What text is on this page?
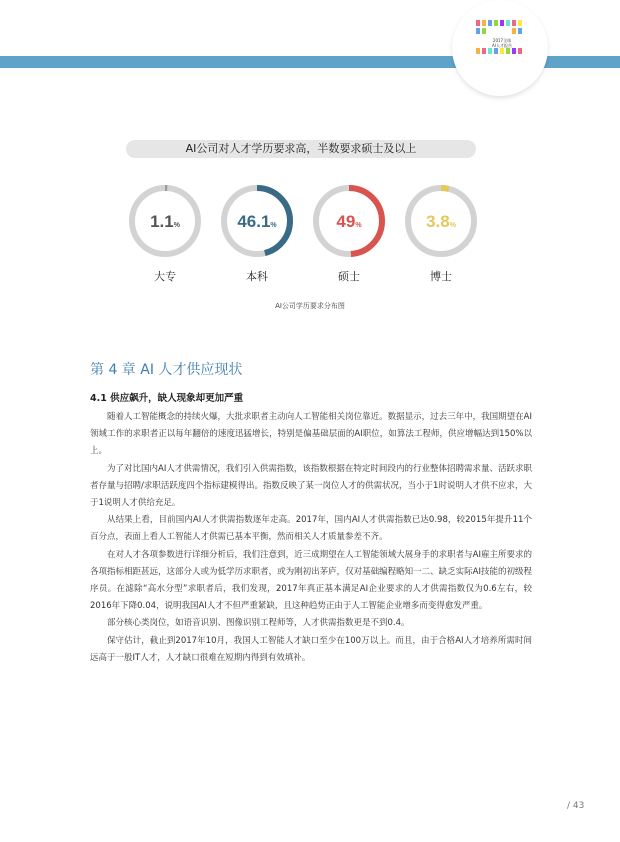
2017全球
AI人才报告
AI公司对人才学历要求高，半数要求硕士及以上
1.1%	46.1%	49%	3.8%
大专	本科	硕士	博士
AI公司学历要求分布图
第 4 章 AI 人才供应现状
4.1 供应飙升，缺人现象却更加严重

随着人工智能概念的持续火爆，大批求职者主动向人工智能相关岗位靠近。数据显示，过去三年中，我国期望在AI领域工作的求职者正以每年翻倍的速度迅猛增长，特别是偏基础层面的AI职位，如算法工程师，供应增幅达到150%以上。

为了对比国内AI人才供需情况，我们引入供需指数，该指数根据在特定时间段内的行业整体招聘需求量、活跃求职者存量与招聘/求职活跃度四个指标建模得出。指数反映了某一岗位人才的供需状况，当小于1时说明人才供不应求，大于1说明人才供给充足。

从结果上看，目前国内AI人才供需指数逐年走高。2017年，国内AI人才供需指数已达0.98，较2015年提升11个百分点，表面上看人工智能人才供需已基本平衡，然而相关人才质量参差不齐。

在对人才各项参数进行详细分析后，我们注意到，近三成期望在人工智能领域大展身手的求职者与AI雇主所要求的各项指标相距甚远，这部分人或为低学历求职者，或为刚初出茅庐，仅对基础编程略知一二、缺乏实际AI技能的初级程序员。在滤除“高水分型”求职者后，我们发现，2017年真正基本满足AI企业要求的人才供需指数仅为0.6左右，较2016年下降0.04，说明我国AI人才不但严重紧缺，且这种趋势正由于人工智能企业增多而变得愈发严重。

部分核心类岗位，如语音识别、图像识别工程师等，人才供需指数更是不到0.4。

保守估计，截止到2017年10月，我国人工智能人才缺口至少在100万以上。而且，由于合格AI人才培养所需时间远高于一般IT人才，人才缺口很难在短期内得到有效填补。

/ 43
